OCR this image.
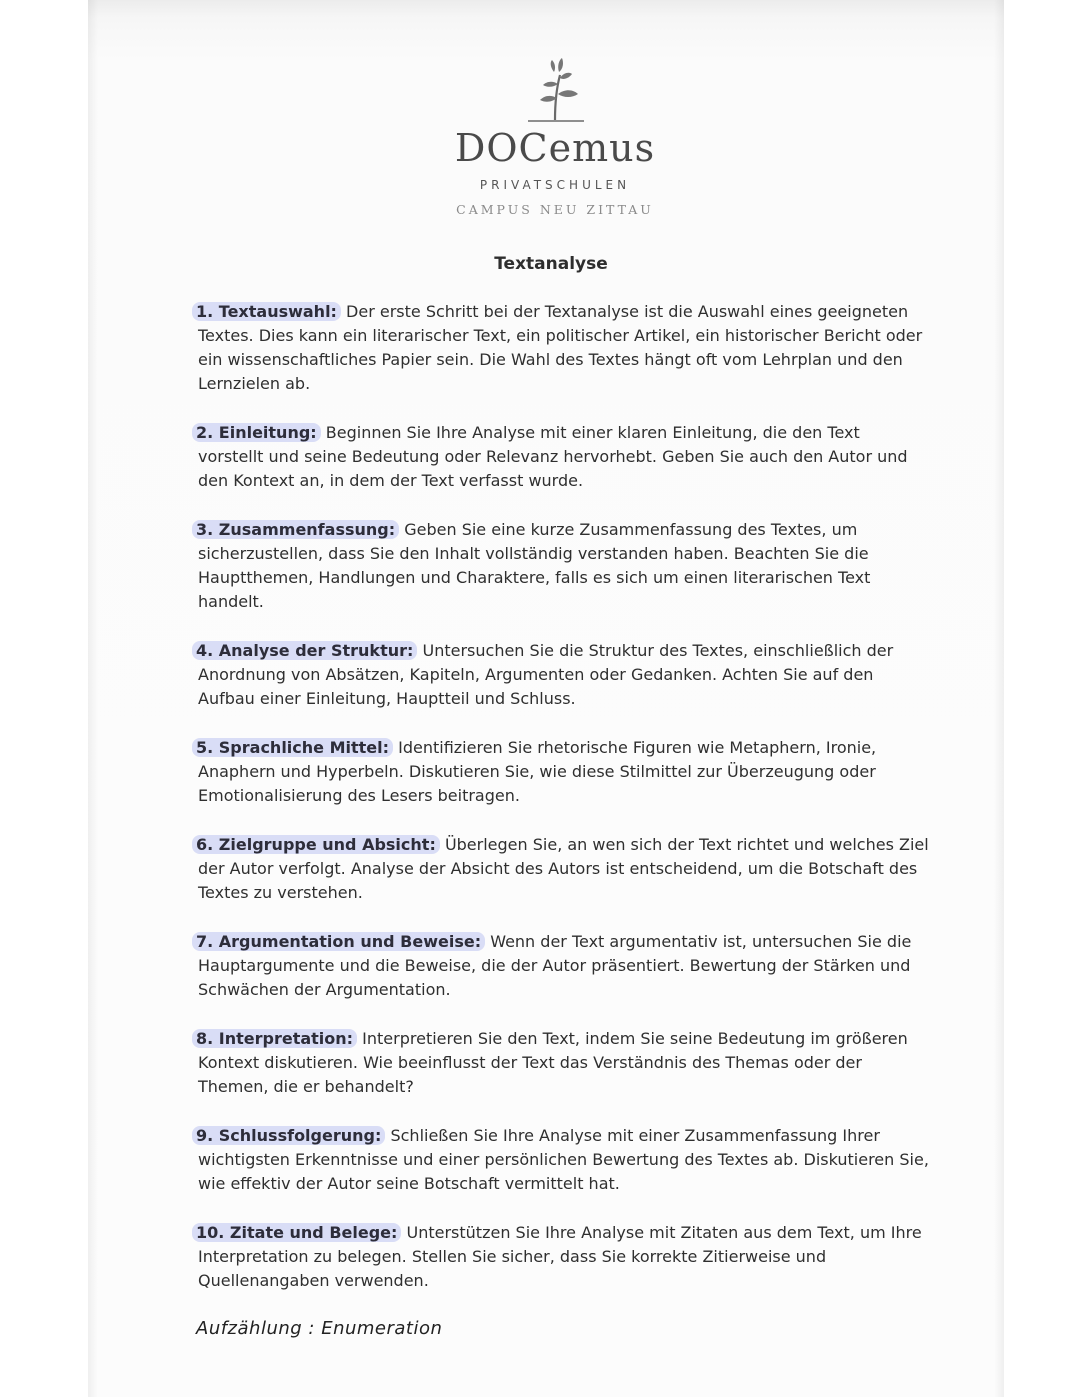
DOCemus
PRIVATSCHULEN
CAMPUS NEU ZITTAU
Textanalyse

1. Textauswahl: Der erste Schritt bei der Textanalyse ist die Auswahl eines geeigneten Textes. Dies kann ein literarischer Text, ein politischer Artikel, ein historischer Bericht oder ein wissenschaftliches Papier sein. Die Wahl des Textes hängt oft vom Lehrplan und den Lernzielen ab.

2. Einleitung: Beginnen Sie Ihre Analyse mit einer klaren Einleitung, die den Text vorstellt und seine Bedeutung oder Relevanz hervorhebt. Geben Sie auch den Autor und den Kontext an, in dem der Text verfasst wurde.

3. Zusammenfassung: Geben Sie eine kurze Zusammenfassung des Textes, um sicherzustellen, dass Sie den Inhalt vollständig verstanden haben. Beachten Sie die Hauptthemen, Handlungen und Charaktere, falls es sich um einen literarischen Text handelt.

4. Analyse der Struktur: Untersuchen Sie die Struktur des Textes, einschließlich der Anordnung von Absätzen, Kapiteln, Argumenten oder Gedanken. Achten Sie auf den Aufbau einer Einleitung, Hauptteil und Schluss.

5. Sprachliche Mittel: Identifizieren Sie rhetorische Figuren wie Metaphern, Ironie, Anaphern und Hyperbeln. Diskutieren Sie, wie diese Stilmittel zur Überzeugung oder Emotionalisierung des Lesers beitragen.

6. Zielgruppe und Absicht: Überlegen Sie, an wen sich der Text richtet und welches Ziel der Autor verfolgt. Analyse der Absicht des Autors ist entscheidend, um die Botschaft des Textes zu verstehen.

7. Argumentation und Beweise: Wenn der Text argumentativ ist, untersuchen Sie die Hauptargumente und die Beweise, die der Autor präsentiert. Bewertung der Stärken und Schwächen der Argumentation.

8. Interpretation: Interpretieren Sie den Text, indem Sie seine Bedeutung im größeren Kontext diskutieren. Wie beeinflusst der Text das Verständnis des Themas oder der Themen, die er behandelt?

9. Schlussfolgerung: Schließen Sie Ihre Analyse mit einer Zusammenfassung Ihrer wichtigsten Erkenntnisse und einer persönlichen Bewertung des Textes ab. Diskutieren Sie, wie effektiv der Autor seine Botschaft vermittelt hat.

10. Zitate und Belege: Unterstützen Sie Ihre Analyse mit Zitaten aus dem Text, um Ihre Interpretation zu belegen. Stellen Sie sicher, dass Sie korrekte Zitierweise und Quellenangaben verwenden.

Aufzählung : Enumeration
